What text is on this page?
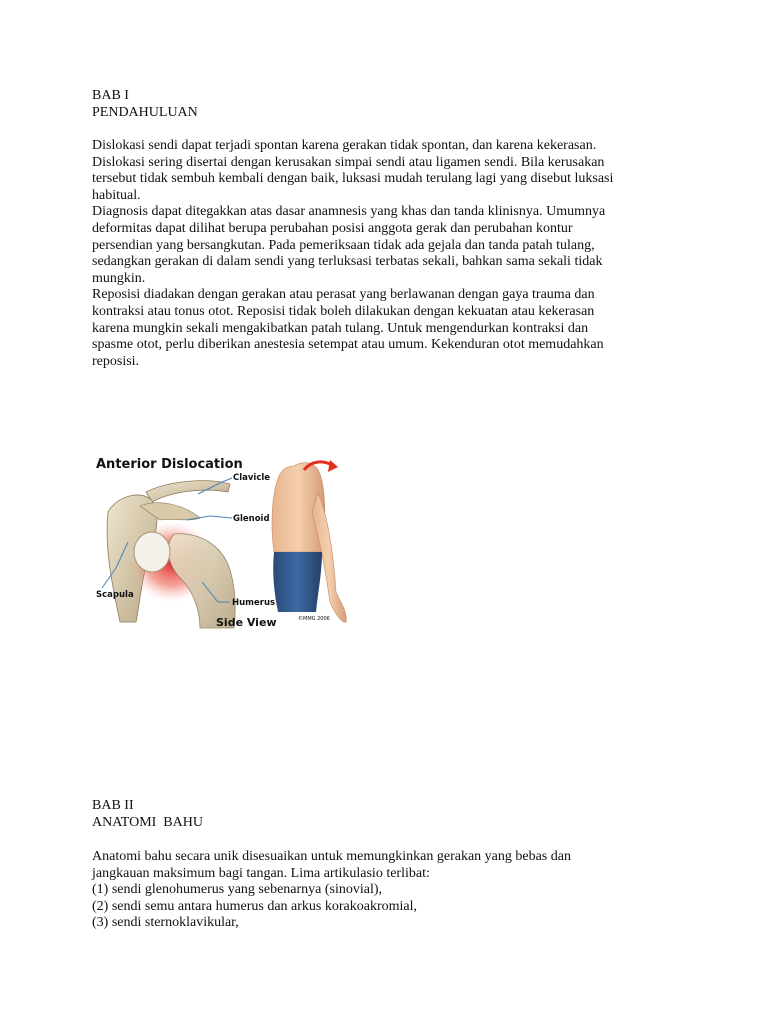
BAB I
PENDAHULUAN
Dislokasi sendi dapat terjadi spontan karena gerakan tidak spontan, dan karena kekerasan.
Dislokasi sering disertai dengan kerusakan simpai sendi atau ligamen sendi. Bila kerusakan
tersebut tidak sembuh kembali dengan baik, luksasi mudah terulang lagi yang disebut luksasi
habitual.
Diagnosis dapat ditegakkan atas dasar anamnesis yang khas dan tanda klinisnya. Umumnya
deformitas dapat dilihat berupa perubahan posisi anggota gerak dan perubahan kontur
persendian yang bersangkutan. Pada pemeriksaan tidak ada gejala dan tanda patah tulang,
sedangkan gerakan di dalam sendi yang terluksasi terbatas sekali, bahkan sama sekali tidak
mungkin.
Reposisi diadakan dengan gerakan atau perasat yang berlawanan dengan gaya trauma dan
kontraksi atau tonus otot. Reposisi tidak boleh dilakukan dengan kekuatan atau kekerasan
karena mungkin sekali mengakibatkan patah tulang. Untuk mengendurkan kontraksi dan
spasme otot, perlu diberikan anestesia setempat atau umum. Kekenduran otot memudahkan
reposisi.
Anterior Dislocation
Clavicle
Glenoid
Scapula
Humerus
Side View	©MMG 2006
BAB II
ANATOMI  BAHU
Anatomi bahu secara unik disesuaikan untuk memungkinkan gerakan yang bebas dan
jangkauan maksimum bagi tangan. Lima artikulasio terlibat:
(1) sendi glenohumerus yang sebenarnya (sinovial),
(2) sendi semu antara humerus dan arkus korakoakromial,
(3) sendi sternoklavikular,
